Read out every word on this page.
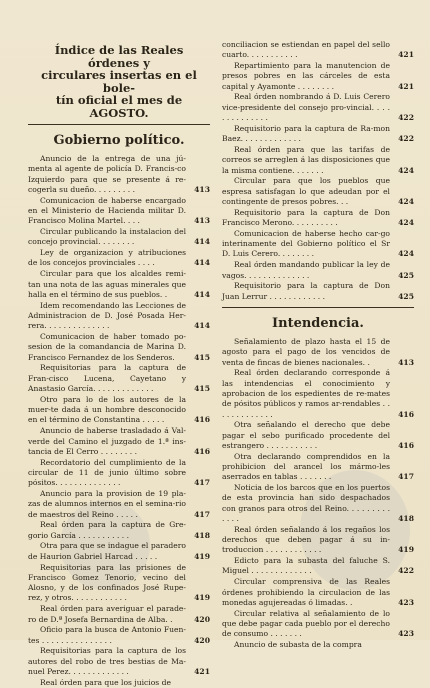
Índice de las Reales órdenes y
circulares insertas en el bole-
tín oficial el mes de AGOSTO.
Gobierno político.

Anuncio de la entrega de una jú-menta al agente de policía D. Francis-co Izquierdo para que se presente á re-cogerla su dueño. . . . . . . . .	413

Comunicacion de haberse encargado en el Ministerio de Hacienda militar D. Francisco Molina Martel. . . .	413

Circular publicando la instalacion del concejo provincial. . . . . . . .	414

Ley de organizacion y atribuciones de los concejos provinciales . . . .	414

Circular para que los alcaldes remi-tan una nota de las aguas minerales que halla en el término de sus pueblos. .	414

Idem recomendando las Lecciones de Administracion de D. José Posada Her-rera. . . . . . . . . . . . . .	414

Comunicacion de haber tomado po-sesion de la comandancia de Marina D. Francisco Fernandez de los Senderos.	415

Requisitorias para la captura de Fran-cisco Lucena, Cayetano y Anastasio García. . . . . . . . . . . . .	415

Otro para lo de los autores de la muer-te dada á un hombre desconocido en el término de Constantina . . . . .	416

Anuncio de haberse trasladado á Val-verde del Camino el juzgado de 1.ª ins-tancia de El Cerro . . . . . . . .	416

Recordatorio del cumplimiento de la circular de 11 de junio último sobre pósitos. . . . . . . . . . . . . .	417

Anuncio para la provision de 19 pla-zas de alumnos internos en el semina-rio de maestros del Reino . . . . .	417

Real órden para la captura de Gre-gorio García . . . . . . . . . . .	418

Otra para que se indague el paradero de Haurion Gabriel Harcad . . . . .	419

Requisitorias para las prisiones de Francisco Gomez Tenorio, vecino del Alosno, y de los confinados José Rupe-rez, y otros. . . . . . . . . . . .	419

Real órden para averiguar el parade-ro de D.ª Josefa Bernardina de Alba. .	420

Oficio para la busca de Antonio Fuen-tes . . . . . . . . . . . . . . .	420

Requisitorias para la captura de los autores del robo de tres bestias de Ma-nuel Perez. . . . . . . . . . . . .	421

Real órden para que los juicios de

conciliacion se estiendan en papel del sello cuarto. . . . . . . . . . .	421

Repartimiento para la manutencion de presos pobres en las cárceles de esta capital y Ayamonte . . . . . . . .	421

Real órden nombrando á D. Luis Cerero vice-presidente del consejo pro-vincial. . . . . . . . . . . . . .	422

Requisitorio para la captura de Ra-mon Baez. . . . . . . . . . . . .	422

Real órden para que las tarifas de correos se arreglen á las disposiciones que la misma contiene. . . . . . .	424

Circular para que los pueblos que espresa satisfagan lo que adeudan por el contingente de presos pobres. . .	424

Requisitorio para la captura de Don Francisco Merono. . . . . . . . . .	424

Comunicacion de haberse hecho car-go interinamente del Gobierno político el Sr D. Luis Cerero. . . . . . . .	424

Real órden mandando publicar la ley de vagos. . . . . . . . . . . . . .	425

Requisitorio para la captura de Don Juan Lerrur . . . . . . . . . . . .	425

Intendencia.

Señalamiento de plazo hasta el 15 de agosto para el pago de los vencidos de venta de fincas de bienes nacionales. .	413

Real órden declarando corresponde á las intendencias el conocimiento y aprobacion de los espedientes de re-mates de pósitos públicos y ramos ar-rendables . . . . . . . . . . . . .	416

Otra señalando el derecho que debe pagar el sebo purificado procedente del estrangero . . . . . . . . . . .	416

Otra declarando comprendidos en la prohibicion del arancel los mármo-les aserrados en tablas . . . . . . .	417

Noticia de los barcos que en los puertos de esta provincia han sido despachados con granos para otros del Reino. . . . . . . . . . . . .	418

Real órden señalando á los regaños los derechos que deben pagar á su in-troduccion . . . . . . . . . . . .	419

Edicto para la subasta del faluche S. Miguel . . . . . . . . . . . . .	422

Circular comprensiva de las Reales órdenes prohibiendo la circulacion de las monedas agujereadas ó limadas. .	423

Circular relativa al señalamiento de lo que debe pagar cada pueblo por el derecho de consumo . . . . . . .	423

Anuncio de subasta de la compra
